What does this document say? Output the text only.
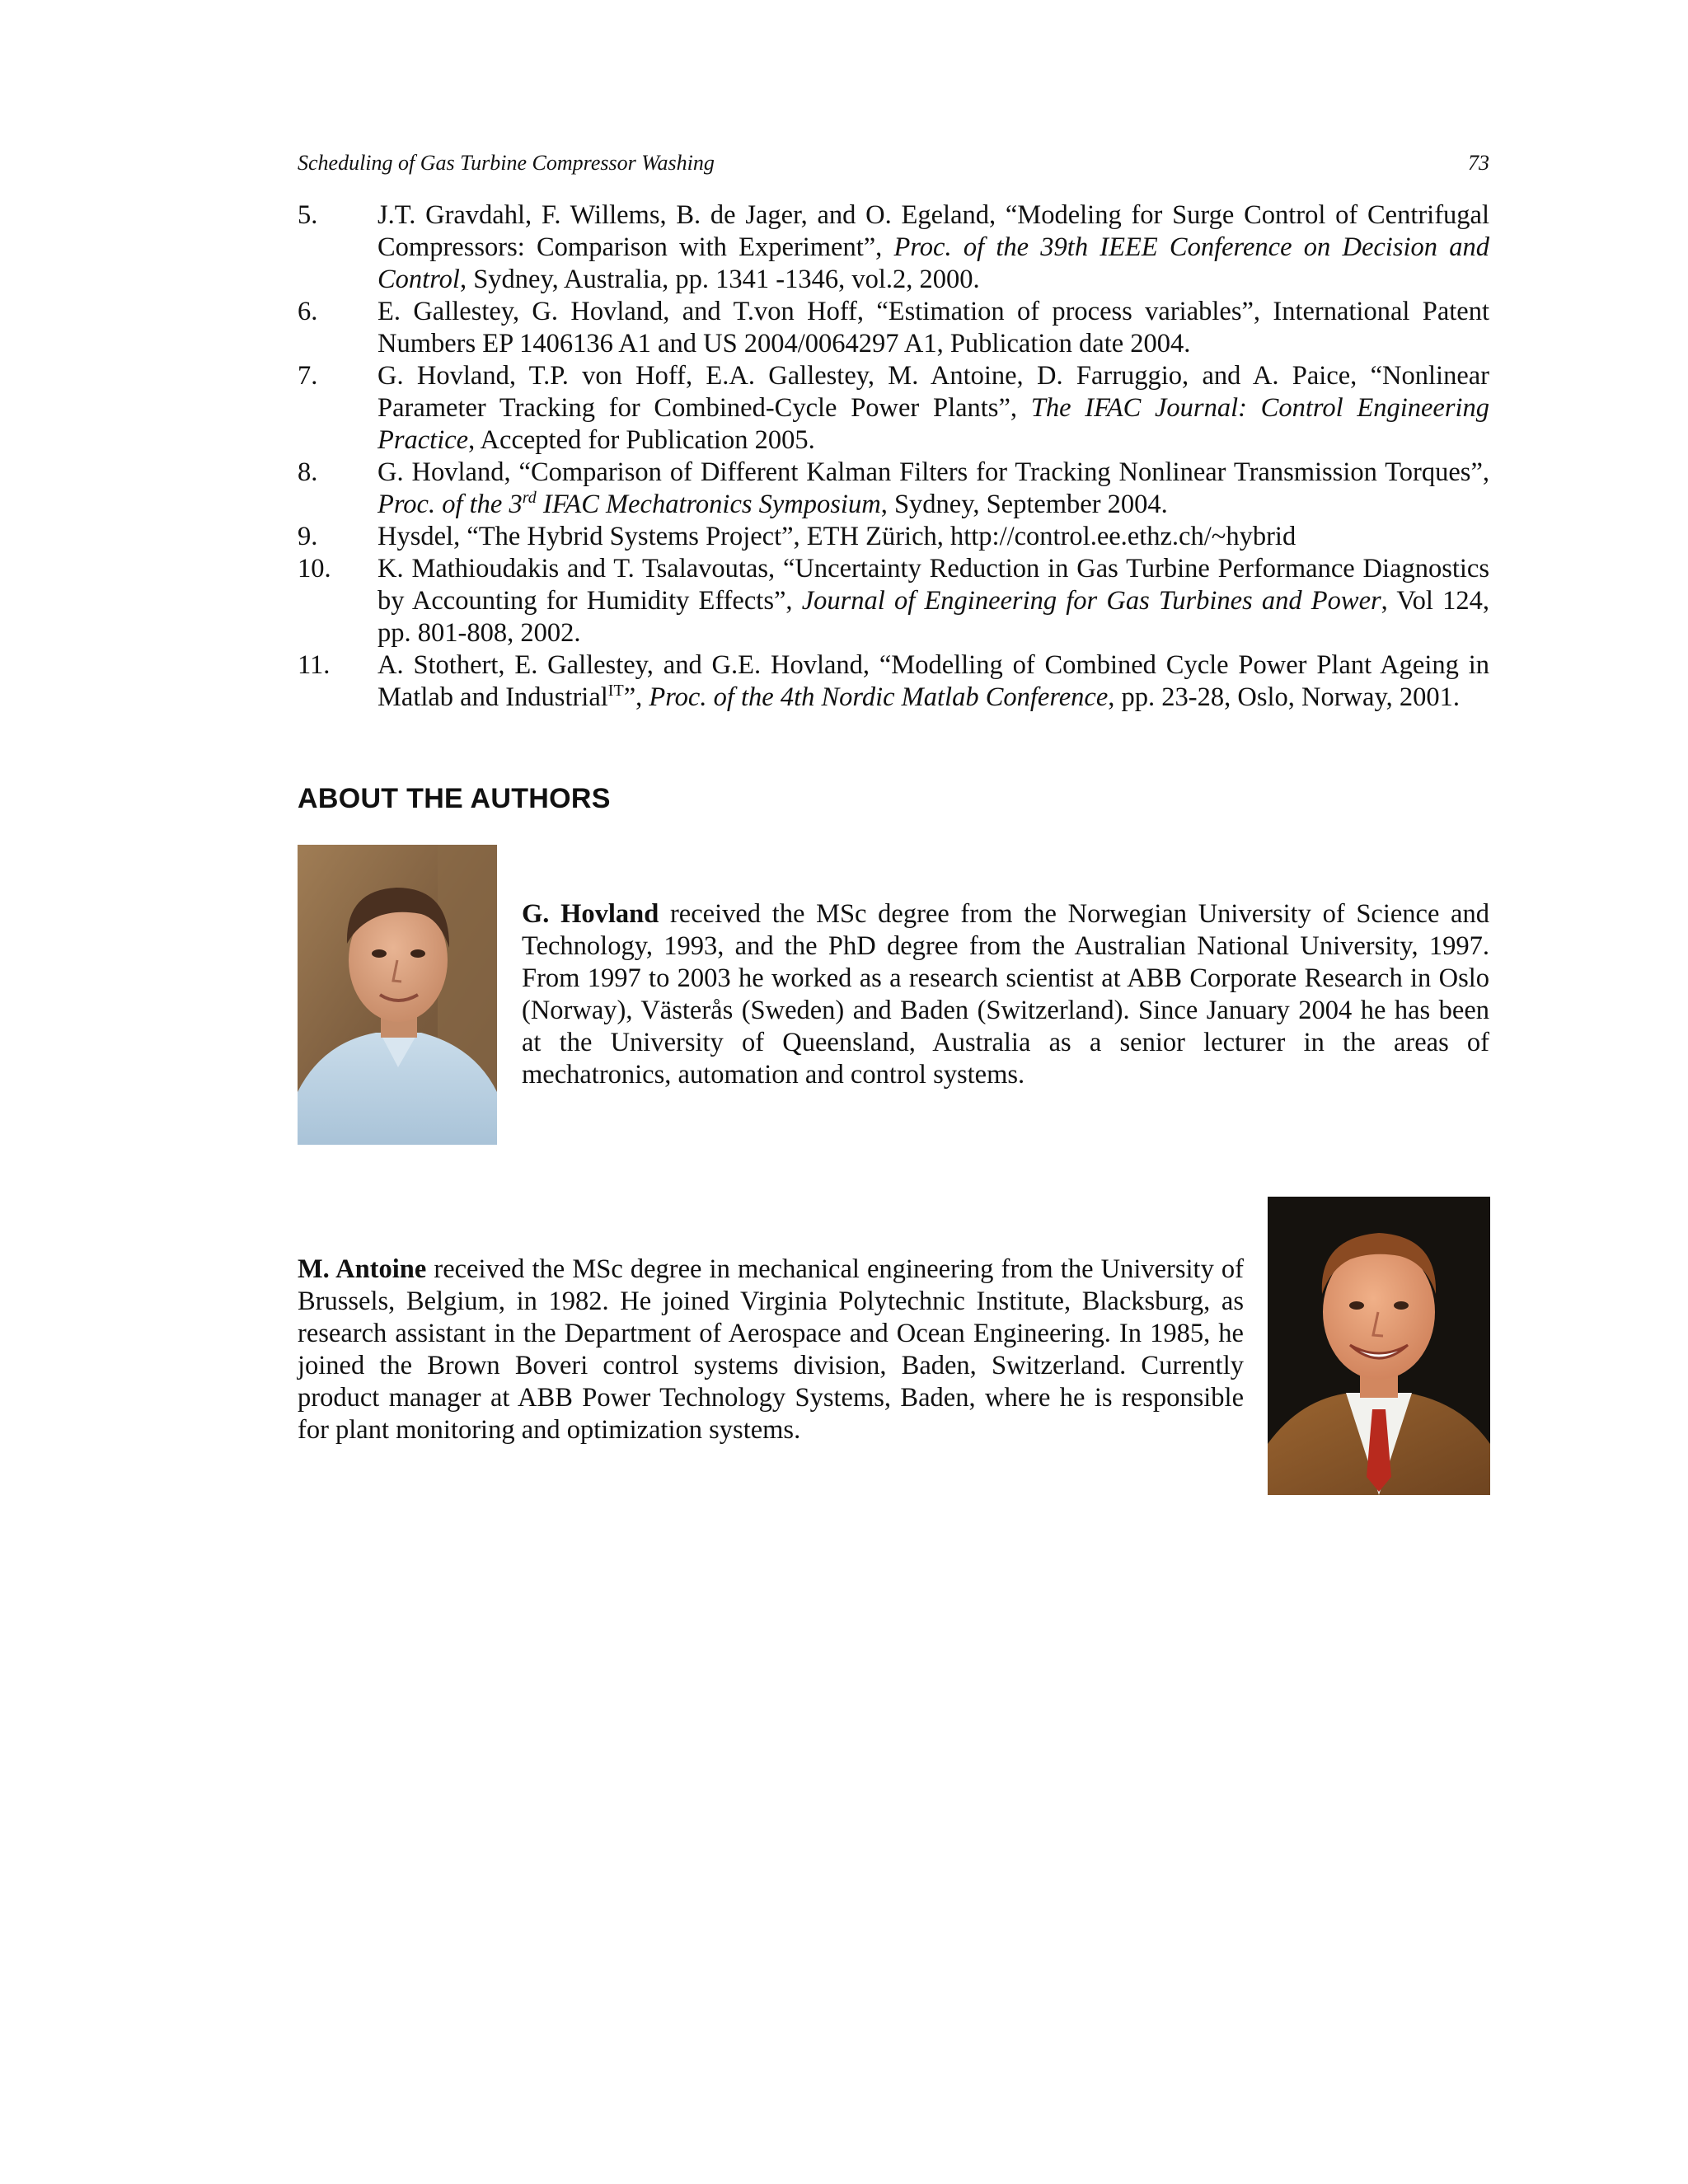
Scheduling of Gas Turbine Compressor Washing	73
5. J.T. Gravdahl, F. Willems, B. de Jager, and O. Egeland, “Modeling for Surge Control of Centrifugal Compressors: Comparison with Experiment”, Proc. of the 39th IEEE Conference on Decision and Control, Sydney, Australia, pp. 1341 -1346, vol.2, 2000.
6. E. Gallestey, G. Hovland, and T.von Hoff, “Estimation of process variables”, International Patent Numbers EP 1406136 A1 and US 2004/0064297 A1, Publication date 2004.
7. G. Hovland, T.P. von Hoff, E.A. Gallestey, M. Antoine, D. Farruggio, and A. Paice, “Nonlinear Parameter Tracking for Combined-Cycle Power Plants”, The IFAC Journal: Control Engineering Practice, Accepted for Publication 2005.
8. G. Hovland, “Comparison of Different Kalman Filters for Tracking Nonlinear Transmission Torques”, Proc. of the 3rd IFAC Mechatronics Symposium, Sydney, September 2004.
9. Hysdel, “The Hybrid Systems Project”, ETH Zürich, http://control.ee.ethz.ch/~hybrid
10. K. Mathioudakis and T. Tsalavoutas, “Uncertainty Reduction in Gas Turbine Performance Diagnostics by Accounting for Humidity Effects”, Journal of Engineering for Gas Turbines and Power, Vol 124, pp. 801-808, 2002.
11. A. Stothert, E. Gallestey, and G.E. Hovland, “Modelling of Combined Cycle Power Plant Ageing in Matlab and Industrial$^{IT}$”, Proc. of the 4th Nordic Matlab Conference, pp. 23-28, Oslo, Norway, 2001.
ABOUT THE AUTHORS
G. Hovland received the MSc degree from the Norwegian University of Science and Technology, 1993, and the PhD degree from the Australian National University, 1997. From 1997 to 2003 he worked as a research scientist at ABB Corporate Research in Oslo (Norway), Västerås (Sweden) and Baden (Switzerland). Since January 2004 he has been at the University of Queensland, Australia as a senior lecturer in the areas of mechatronics, automation and control systems.
M. Antoine received the MSc degree in mechanical engineering from the University of Brussels, Belgium, in 1982. He joined Virginia Polytechnic Institute, Blacksburg, as research assistant in the Department of Aerospace and Ocean Engineering. In 1985, he joined the Brown Boveri control systems division, Baden, Switzerland. Currently product manager at ABB Power Technology Systems, Baden, where he is responsible for plant monitoring and optimization systems.
